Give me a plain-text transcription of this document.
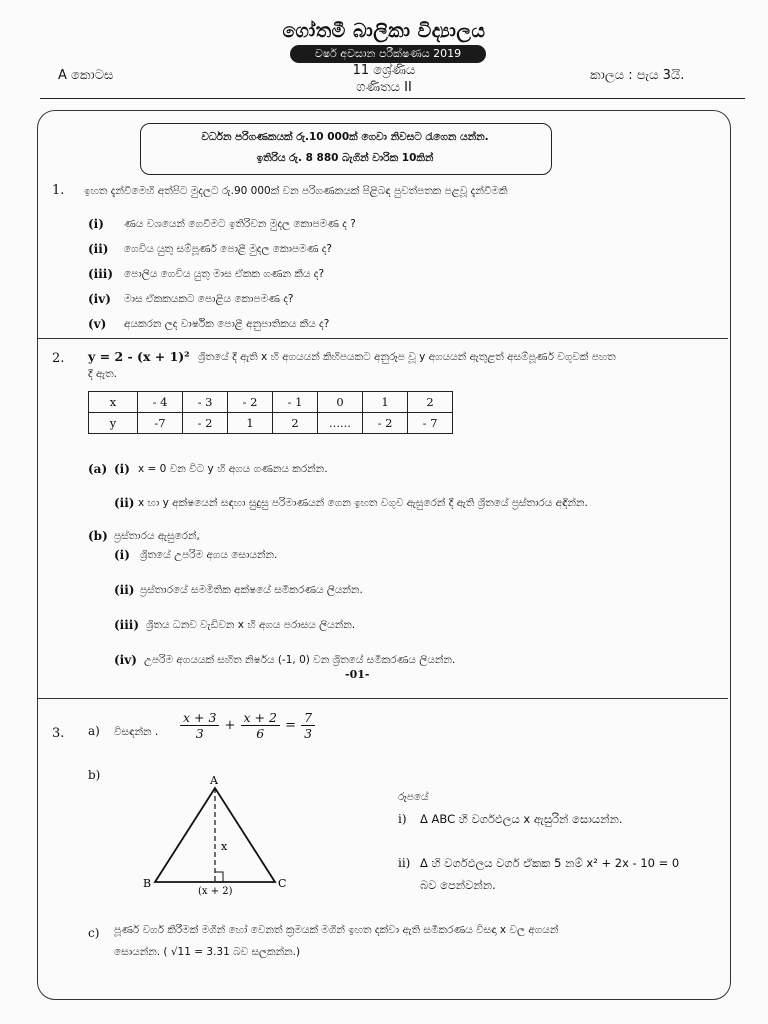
ගෝතමී බාලිකා විද්‍යාලය
වර්ෂ අවසාන පරීක්ෂණය 2019
A කොටස	11 ශ්‍රේණිය
ගණිතය II
කාලය : පැය 3යි.
වර්ධන පරිගණකයක් රු.10 000ක් ගෙවා නිවසට රැගෙන යන්න.
ඉතිරිය රු. 8 880 බැගින් වාරික 10කින්
1. ඉහත දැන්වීමෙහි අත්පිට මුදලට රු.90 000ක් වන පරිගණකයක් පිළිබඳ පුවත්පතක පළවූ දැන්වීමකි
(i) ණය වශයෙන් ගෙවීමට ඉතිරිවන මුදල කොපමණ ද ?
(ii) ගෙවිය යුතු සම්පූර්ණ පොළී මුදල කොපමණ ද?
(iii) පොලිය ගෙවිය යුතු මාස ඒකක ගණන කීය ද?
(iv) මාස ඒකකයකට පොළිය කොපමණ ද?
(v) අයකරන ලද වාර්ෂික පොළී අනුපාතිකය කීය ද?
2. y = 2 - (x + 1)² ශ්‍රිතයේ දී ඇති x හි අගයයන් කිහිපයකට අනුරූප වූ y අගයයන් ඇතුළත් අසම්පූර්ණ වගුවක් පහත
දී ඇත.
x	- 4	- 3	- 2	- 1	0	1	2
y	-7	- 2	1	2	......	- 2	- 7
(a) (i) x = 0 වන විට y හි අගය ගණනය කරන්න.
(ii) x හා y අක්ෂයෙන් සඳහා සුදුසු පරිමාණයන් ගෙන ඉහත වගුව ඇසුරෙන් දී ඇති ශ්‍රිතයේ ප්‍රස්තාරය අඳින්න.
(b) ප්‍රස්තාරය ඇසුරෙන්,
(i) ශ්‍රිතයේ උපරිම අගය සොයන්න.
(ii) ප්‍රස්තාරයේ සමමිතික අක්ෂයේ සමීකරණය ලියන්න.
(iii) ශ්‍රිතය ධනව වැඩිවන x හි අගය පරාසය ලියන්න.
(iv) උපරිම අගයයක් සහිත නිර්ෂය (-1, 0) වන ශ්‍රිතයේ සමීකරණය ලියන්න.
-01-
3. a) විසඳන්න . $\frac{x + 3}{3} + \frac{x + 2}{6} = \frac{7}{3}$
b)	A
B	C
x
(x + 2)
රූපයේ
i) Δ ABC හි වර්ගඵලය x ඇසුරින් සොයන්න.
ii) Δ හි වර්ගඵලය වර්ග ඒකක 5 නම් x² + 2x - 10 = 0
බව පෙන්වන්න.
c) පූර්ණ වර්ග කිරීමක් මගින් හෝ වෙනත් ක්‍රමයක් මගින් ඉහත දක්වා ඇති සමීකරණය විසඳා x වල අගයන්
සොයන්න. ( √11 = 3.31 බව සලකන්න.)
